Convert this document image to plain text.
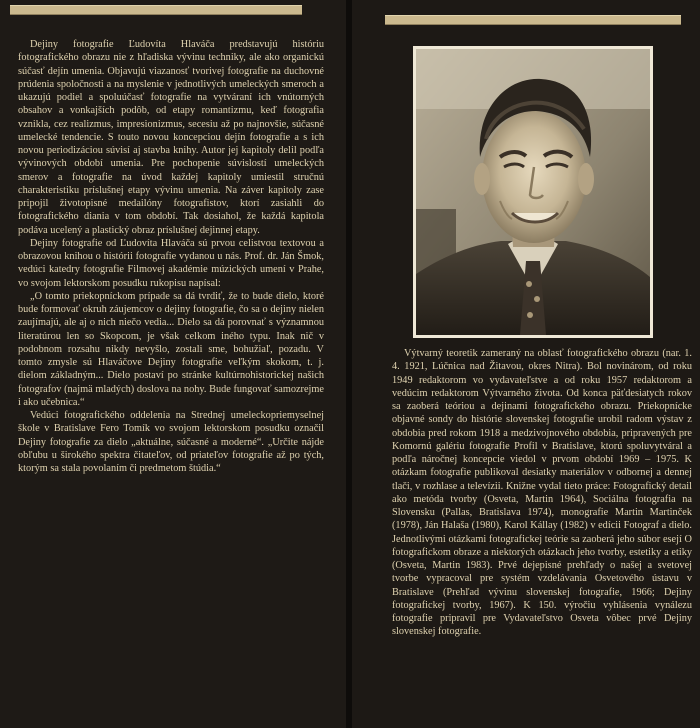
Dejiny fotografie Ľudovíta Hlaváča predstavujú históriu fotografického obrazu nie z hľadiska vývinu techniky, ale ako organickú súčasť dejín umenia. Objavujú viazanosť tvorivej fotografie na duchovné prúdenia spoločnosti a na myslenie v jednotlivých umeleckých smeroch a ukazujú podiel a spoluúčasť fotografie na vytváraní ich vnútorných obsahov a vonkajších podôb, od etapy romantizmu, keď fotografia vznikla, cez realizmus, impresionizmus, secesiu až po najnovšie, súčasné umelecké tendencie. S touto novou koncepciou dejín fotografie a s ich novou periodizáciou súvisí aj stavba knihy. Autor jej kapitoly delil podľa vývinových období umenia. Pre pochopenie súvislostí umeleckých smerov a fotografie na úvod každej kapitoly umiestil stručnú charakteristiku príslušnej etapy vývinu umenia. Na záver kapitoly zase pripojil životopisné medailóny fotografistov, ktorí zasiahli do fotografického diania v tom období. Tak dosiahol, že každá kapitola podáva ucelený a plastický obraz príslušnej dejinnej etapy.

Dejiny fotografie od Ľudovíta Hlaváča sú prvou celistvou textovou a obrazovou knihou o histórii fotografie vydanou u nás. Prof. dr. Ján Šmok, vedúci katedry fotografie Filmovej akadémie múzických umení v Prahe, vo svojom lektorskom posudku rukopisu napísal:

„O tomto priekopníckom prípade sa dá tvrdiť, že to bude dielo, ktoré bude formovať okruh záujemcov o dejiny fotografie, čo sa o dejiny nielen zaujímajú, ale aj o nich niečo vedia... Dielo sa dá porovnať s významnou literatúrou len so Skopcom, je však celkom iného typu. Inak nič v podobnom rozsahu nikdy nevyšlo, zostali sme, bohužiaľ, pozadu. V tomto zmysle sú Hlaváčove Dejiny fotografie veľkým skokom, t. j. dielom základným... Dielo postaví po stránke kultúrnohistorickej našich fotografov (najmä mladých) doslova na nohy. Bude fungovať samozrejme i ako učebnica.“

Vedúci fotografického oddelenia na Strednej umeleckopriemyselnej škole v Bratislave Fero Tomík vo svojom lektorskom posudku označil Dejiny fotografie za dielo „aktuálne, súčasné a moderné“. „Určite nájde obľubu u širokého spektra čitateľov, od priateľov fotografie až po tých, ktorým sa stala povolaním či predmetom štúdia.“

Výtvarný teoretik zameraný na oblasť fotografického obrazu (nar. 1. 4. 1921, Lúčnica nad Žitavou, okres Nitra). Bol novinárom, od roku 1949 redaktorom vo vydavateľstve a od roku 1957 redaktorom a vedúcim redaktorom Výtvarného života. Od konca päťdesiatych rokov sa zaoberá teóriou a dejinami fotografického obrazu. Priekopnícke objavné sondy do histórie slovenskej fotografie urobil radom výstav z obdobia pred rokom 1918 a medzivojnového obdobia, pripravených pre Komornú galériu fotografie Profil v Bratislave, ktorú spoluvytváral a podľa náročnej koncepcie viedol v prvom období 1969 – 1975. K otázkam fotografie publikoval desiatky materiálov v odbornej a dennej tlači, v rozhlase a televízii. Knižne vydal tieto práce: Fotografický detail ako metóda tvorby (Osveta, Martin 1964), Sociálna fotografia na Slovensku (Pallas, Bratislava 1974), monografie Martin Martinček (1978), Ján Halaša (1980), Karol Kállay (1982) v edícii Fotograf a dielo. Jednotlivými otázkami fotografickej teórie sa zaoberá jeho súbor esejí O fotografickom obraze a niektorých otázkach jeho tvorby, estetiky a etiky (Osveta, Martin 1983). Prvé dejepisné prehľady o našej a svetovej tvorbe vypracoval pre systém vzdelávania Osvetového ústavu v Bratislave (Prehľad vývinu slovenskej fotografie, 1966; Dejiny fotografickej tvorby, 1967). K 150. výročiu vyhlásenia vynálezu fotografie pripravil pre Vydavateľstvo Osveta vôbec prvé Dejiny slovenskej fotografie.
